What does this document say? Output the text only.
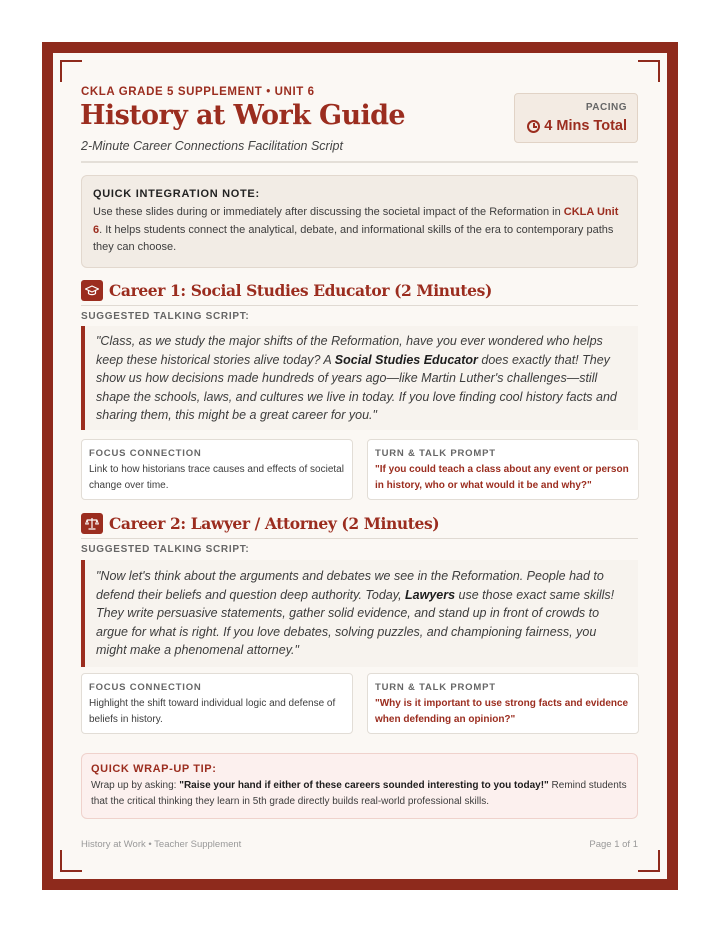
CKLA GRADE 5 SUPPLEMENT • UNIT 6
History at Work Guide
2-Minute Career Connections Facilitation Script
PACING
4 Mins Total
QUICK INTEGRATION NOTE:
Use these slides during or immediately after discussing the societal impact of the Reformation in CKLA Unit 6. It helps students connect the analytical, debate, and informational skills of the era to contemporary paths they can choose.
Career 1: Social Studies Educator (2 Minutes)
SUGGESTED TALKING SCRIPT:
"Class, as we study the major shifts of the Reformation, have you ever wondered who helps keep these historical stories alive today? A Social Studies Educator does exactly that! They show us how decisions made hundreds of years ago—like Martin Luther's challenges—still shape the schools, laws, and cultures we live in today. If you love finding cool history facts and sharing them, this might be a great career for you."
FOCUS CONNECTION
Link to how historians trace causes and effects of societal change over time.
TURN & TALK PROMPT
"If you could teach a class about any event or person in history, who or what would it be and why?"
Career 2: Lawyer / Attorney (2 Minutes)
SUGGESTED TALKING SCRIPT:
"Now let's think about the arguments and debates we see in the Reformation. People had to defend their beliefs and question deep authority. Today, Lawyers use those exact same skills! They write persuasive statements, gather solid evidence, and stand up in front of crowds to argue for what is right. If you love debates, solving puzzles, and championing fairness, you might make a phenomenal attorney."
FOCUS CONNECTION
Highlight the shift toward individual logic and defense of beliefs in history.
TURN & TALK PROMPT
"Why is it important to use strong facts and evidence when defending an opinion?"
QUICK WRAP-UP TIP:
Wrap up by asking: "Raise your hand if either of these careers sounded interesting to you today!" Remind students that the critical thinking they learn in 5th grade directly builds real-world professional skills.
History at Work • Teacher Supplement	Page 1 of 1
